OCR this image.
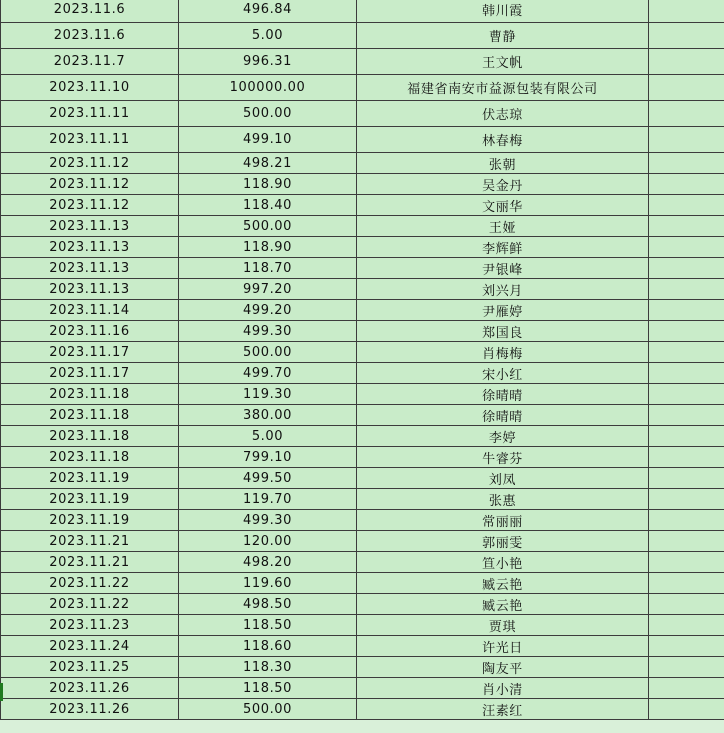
2023.11.6	496.84	韩川霞	
2023.11.6	5.00	曹静	
2023.11.7	996.31	王文帆	
2023.11.10	100000.00	福建省南安市益源包装有限公司	
2023.11.11	500.00	伏志琼	
2023.11.11	499.10	林春梅	
2023.11.12	498.21	张朝	
2023.11.12	118.90	吴金丹	
2023.11.12	118.40	文丽华	
2023.11.13	500.00	王娅	
2023.11.13	118.90	李辉鲜	
2023.11.13	118.70	尹银峰	
2023.11.13	997.20	刘兴月	
2023.11.14	499.20	尹雁婷	
2023.11.16	499.30	郑国良	
2023.11.17	500.00	肖梅梅	
2023.11.17	499.70	宋小红	
2023.11.18	119.30	徐晴晴	
2023.11.18	380.00	徐晴晴	
2023.11.18	5.00	李婷	
2023.11.18	799.10	牛睿芬	
2023.11.19	499.50	刘凤	
2023.11.19	119.70	张惠	
2023.11.19	499.30	常丽丽	
2023.11.21	120.00	郭丽雯	
2023.11.21	498.20	笪小艳	
2023.11.22	119.60	臧云艳	
2023.11.22	498.50	臧云艳	
2023.11.23	118.50	贾琪	
2023.11.24	118.60	许光日	
2023.11.25	118.30	陶友平	
2023.11.26	118.50	肖小清	
2023.11.26	500.00	汪素红	
